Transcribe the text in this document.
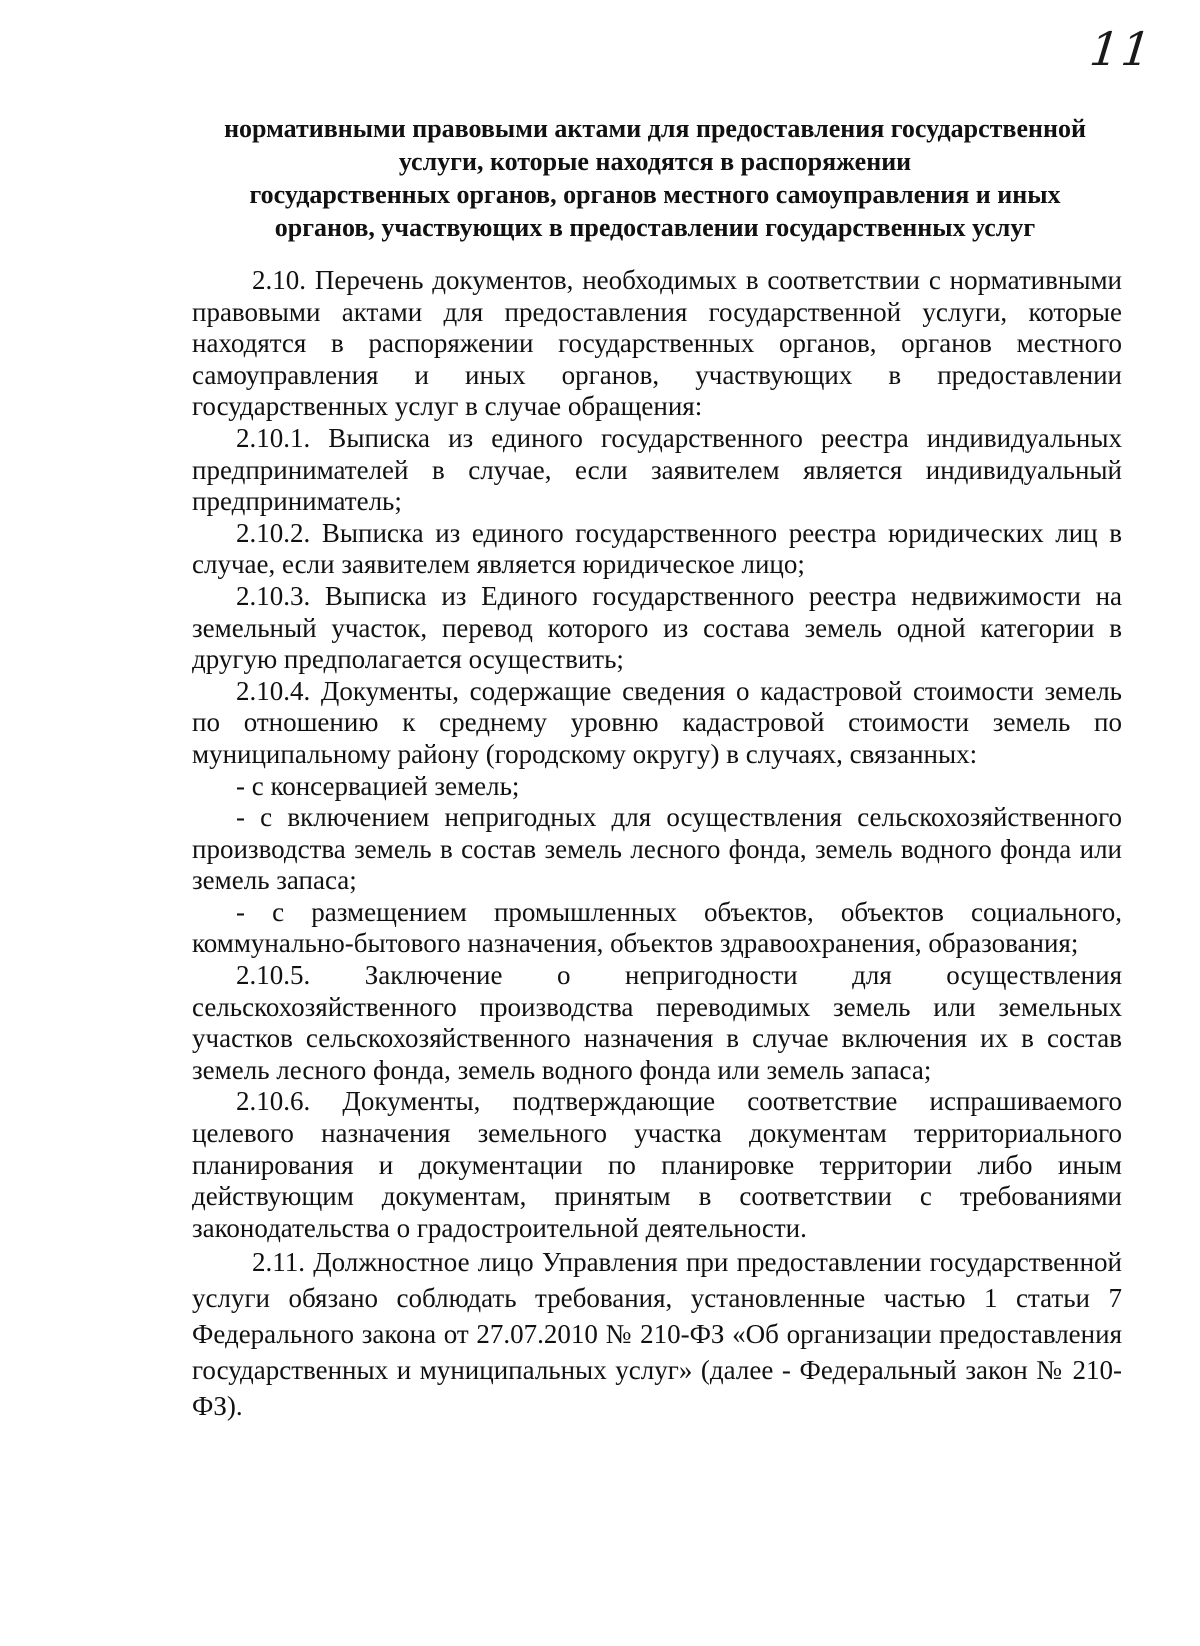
11
нормативными правовыми актами для предоставления государственной
услуги, которые находятся в распоряжении
государственных органов, органов местного самоуправления и иных
органов, участвующих в предоставлении государственных услуг

2.10. Перечень документов, необходимых в соответствии с нормативными правовыми актами для предоставления государственной услуги, которые находятся в распоряжении государственных органов, органов местного самоуправления и иных органов, участвующих в предоставлении государственных услуг в случае обращения:

2.10.1. Выписка из единого государственного реестра индивидуальных предпринимателей в случае, если заявителем является индивидуальный предприниматель;

2.10.2. Выписка из единого государственного реестра юридических лиц в случае, если заявителем является юридическое лицо;

2.10.3. Выписка из Единого государственного реестра недвижимости на земельный участок, перевод которого из состава земель одной категории в другую предполагается осуществить;

2.10.4. Документы, содержащие сведения о кадастровой стоимости земель по отношению к среднему уровню кадастровой стоимости земель по муниципальному району (городскому округу) в случаях, связанных:

- с консервацией земель;

- с включением непригодных для осуществления сельскохозяйственного производства земель в состав земель лесного фонда, земель водного фонда или земель запаса;

- с размещением промышленных объектов, объектов социального, коммунально-бытового назначения, объектов здравоохранения, образования;

2.10.5. Заключение о непригодности для осуществления сельскохозяйственного производства переводимых земель или земельных участков сельскохозяйственного назначения в случае включения их в состав земель лесного фонда, земель водного фонда или земель запаса;

2.10.6. Документы, подтверждающие соответствие испрашиваемого целевого назначения земельного участка документам территориального планирования и документации по планировке территории либо иным действующим документам, принятым в соответствии с требованиями законодательства о градостроительной деятельности.

2.11. Должностное лицо Управления при предоставлении государственной услуги обязано соблюдать требования, установленные частью 1 статьи 7 Федерального закона от 27.07.2010 № 210-ФЗ «Об организации предоставления государственных и муниципальных услуг» (далее - Федеральный закон № 210-ФЗ).
